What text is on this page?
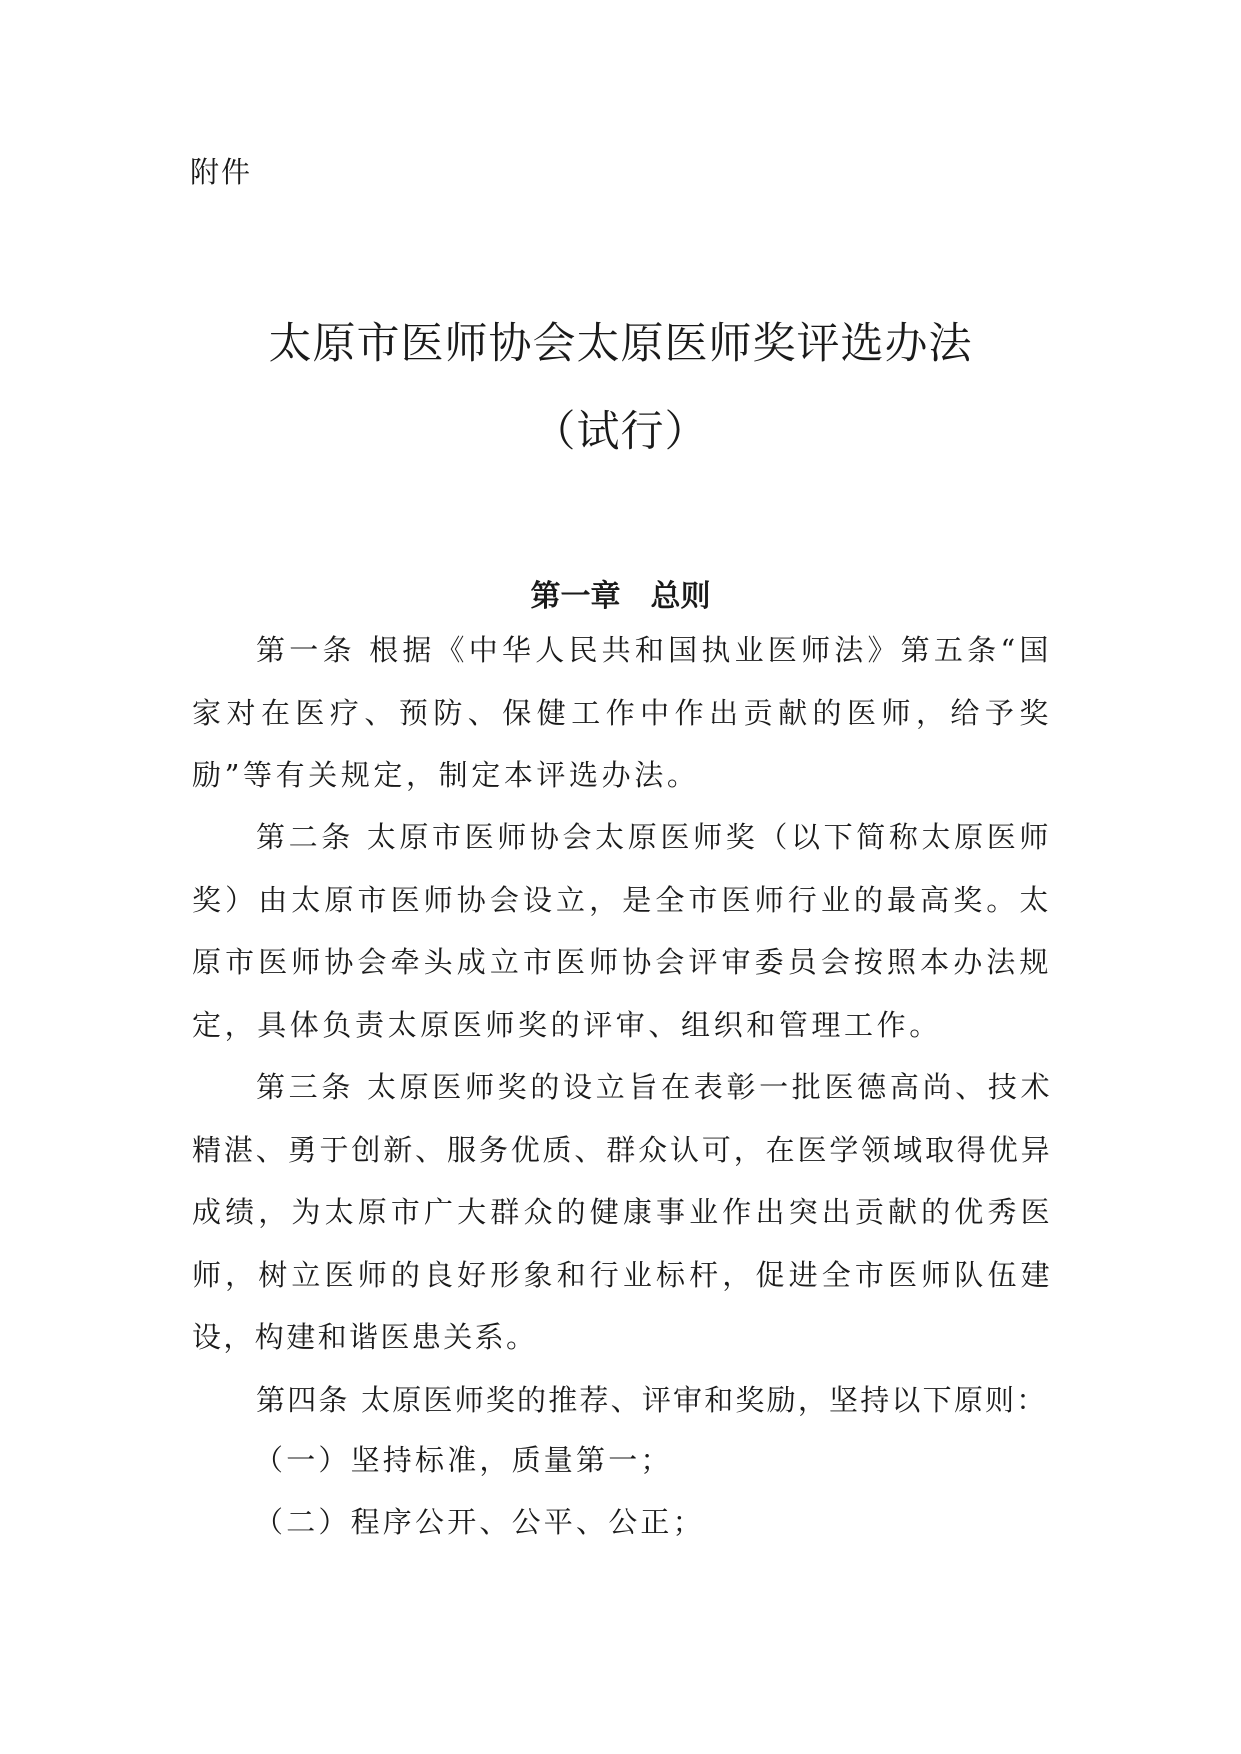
附件
太原市医师协会太原医师奖评选办法
（试行）
第一章　总则

第一条 根据《中华人民共和国执业医师法》第五条“国家对在医疗、预防、保健工作中作出贡献的医师，给予奖励”等有关规定，制定本评选办法。

第二条 太原市医师协会太原医师奖（以下简称太原医师奖）由太原市医师协会设立，是全市医师行业的最高奖。太原市医师协会牵头成立市医师协会评审委员会按照本办法规定，具体负责太原医师奖的评审、组织和管理工作。

第三条 太原医师奖的设立旨在表彰一批医德高尚、技术精湛、勇于创新、服务优质、群众认可，在医学领域取得优异成绩，为太原市广大群众的健康事业作出突出贡献的优秀医师，树立医师的良好形象和行业标杆，促进全市医师队伍建设，构建和谐医患关系。

第四条 太原医师奖的推荐、评审和奖励，坚持以下原则：

（一）坚持标准，质量第一；
（二）程序公开、公平、公正；
